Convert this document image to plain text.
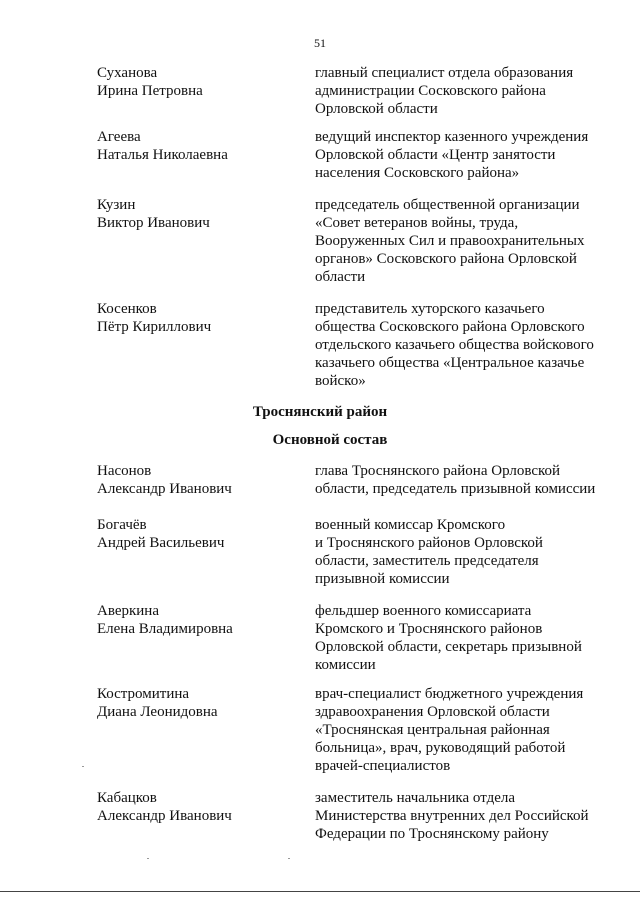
51
Суханова
Ирина Петровна
главный специалист отдела образования
администрации Сосковского района
Орловской области
Агеева
Наталья Николаевна
ведущий инспектор казенного учреждения
Орловской области «Центр занятости
населения Сосковского района»
Кузин
Виктор Иванович
председатель общественной организации
«Совет ветеранов войны, труда,
Вооруженных Сил и правоохранительных
органов» Сосковского района Орловской
области
Косенков
Пётр Кириллович
представитель хуторского казачьего
общества Сосковского района Орловского
отдельского казачьего общества войскового
казачьего общества «Центральное казачье
войско»
Троснянский район
Основной состав
Насонов
Александр Иванович
глава Троснянского района Орловской
области, председатель призывной комиссии
Богачёв
Андрей Васильевич
военный комиссар Кромского
и Троснянского районов Орловской
области, заместитель председателя
призывной комиссии
Аверкина
Елена Владимировна
фельдшер военного комиссариата
Кромского и Троснянского районов
Орловской области, секретарь призывной
комиссии
Костромитина
Диана Леонидовна
врач-специалист бюджетного учреждения
здравоохранения Орловской области
«Троснянская центральная районная
больница», врач, руководящий работой
врачей-специалистов
Кабацков
Александр Иванович
заместитель начальника отдела
Министерства внутренних дел Российской
Федерации по Троснянскому району
